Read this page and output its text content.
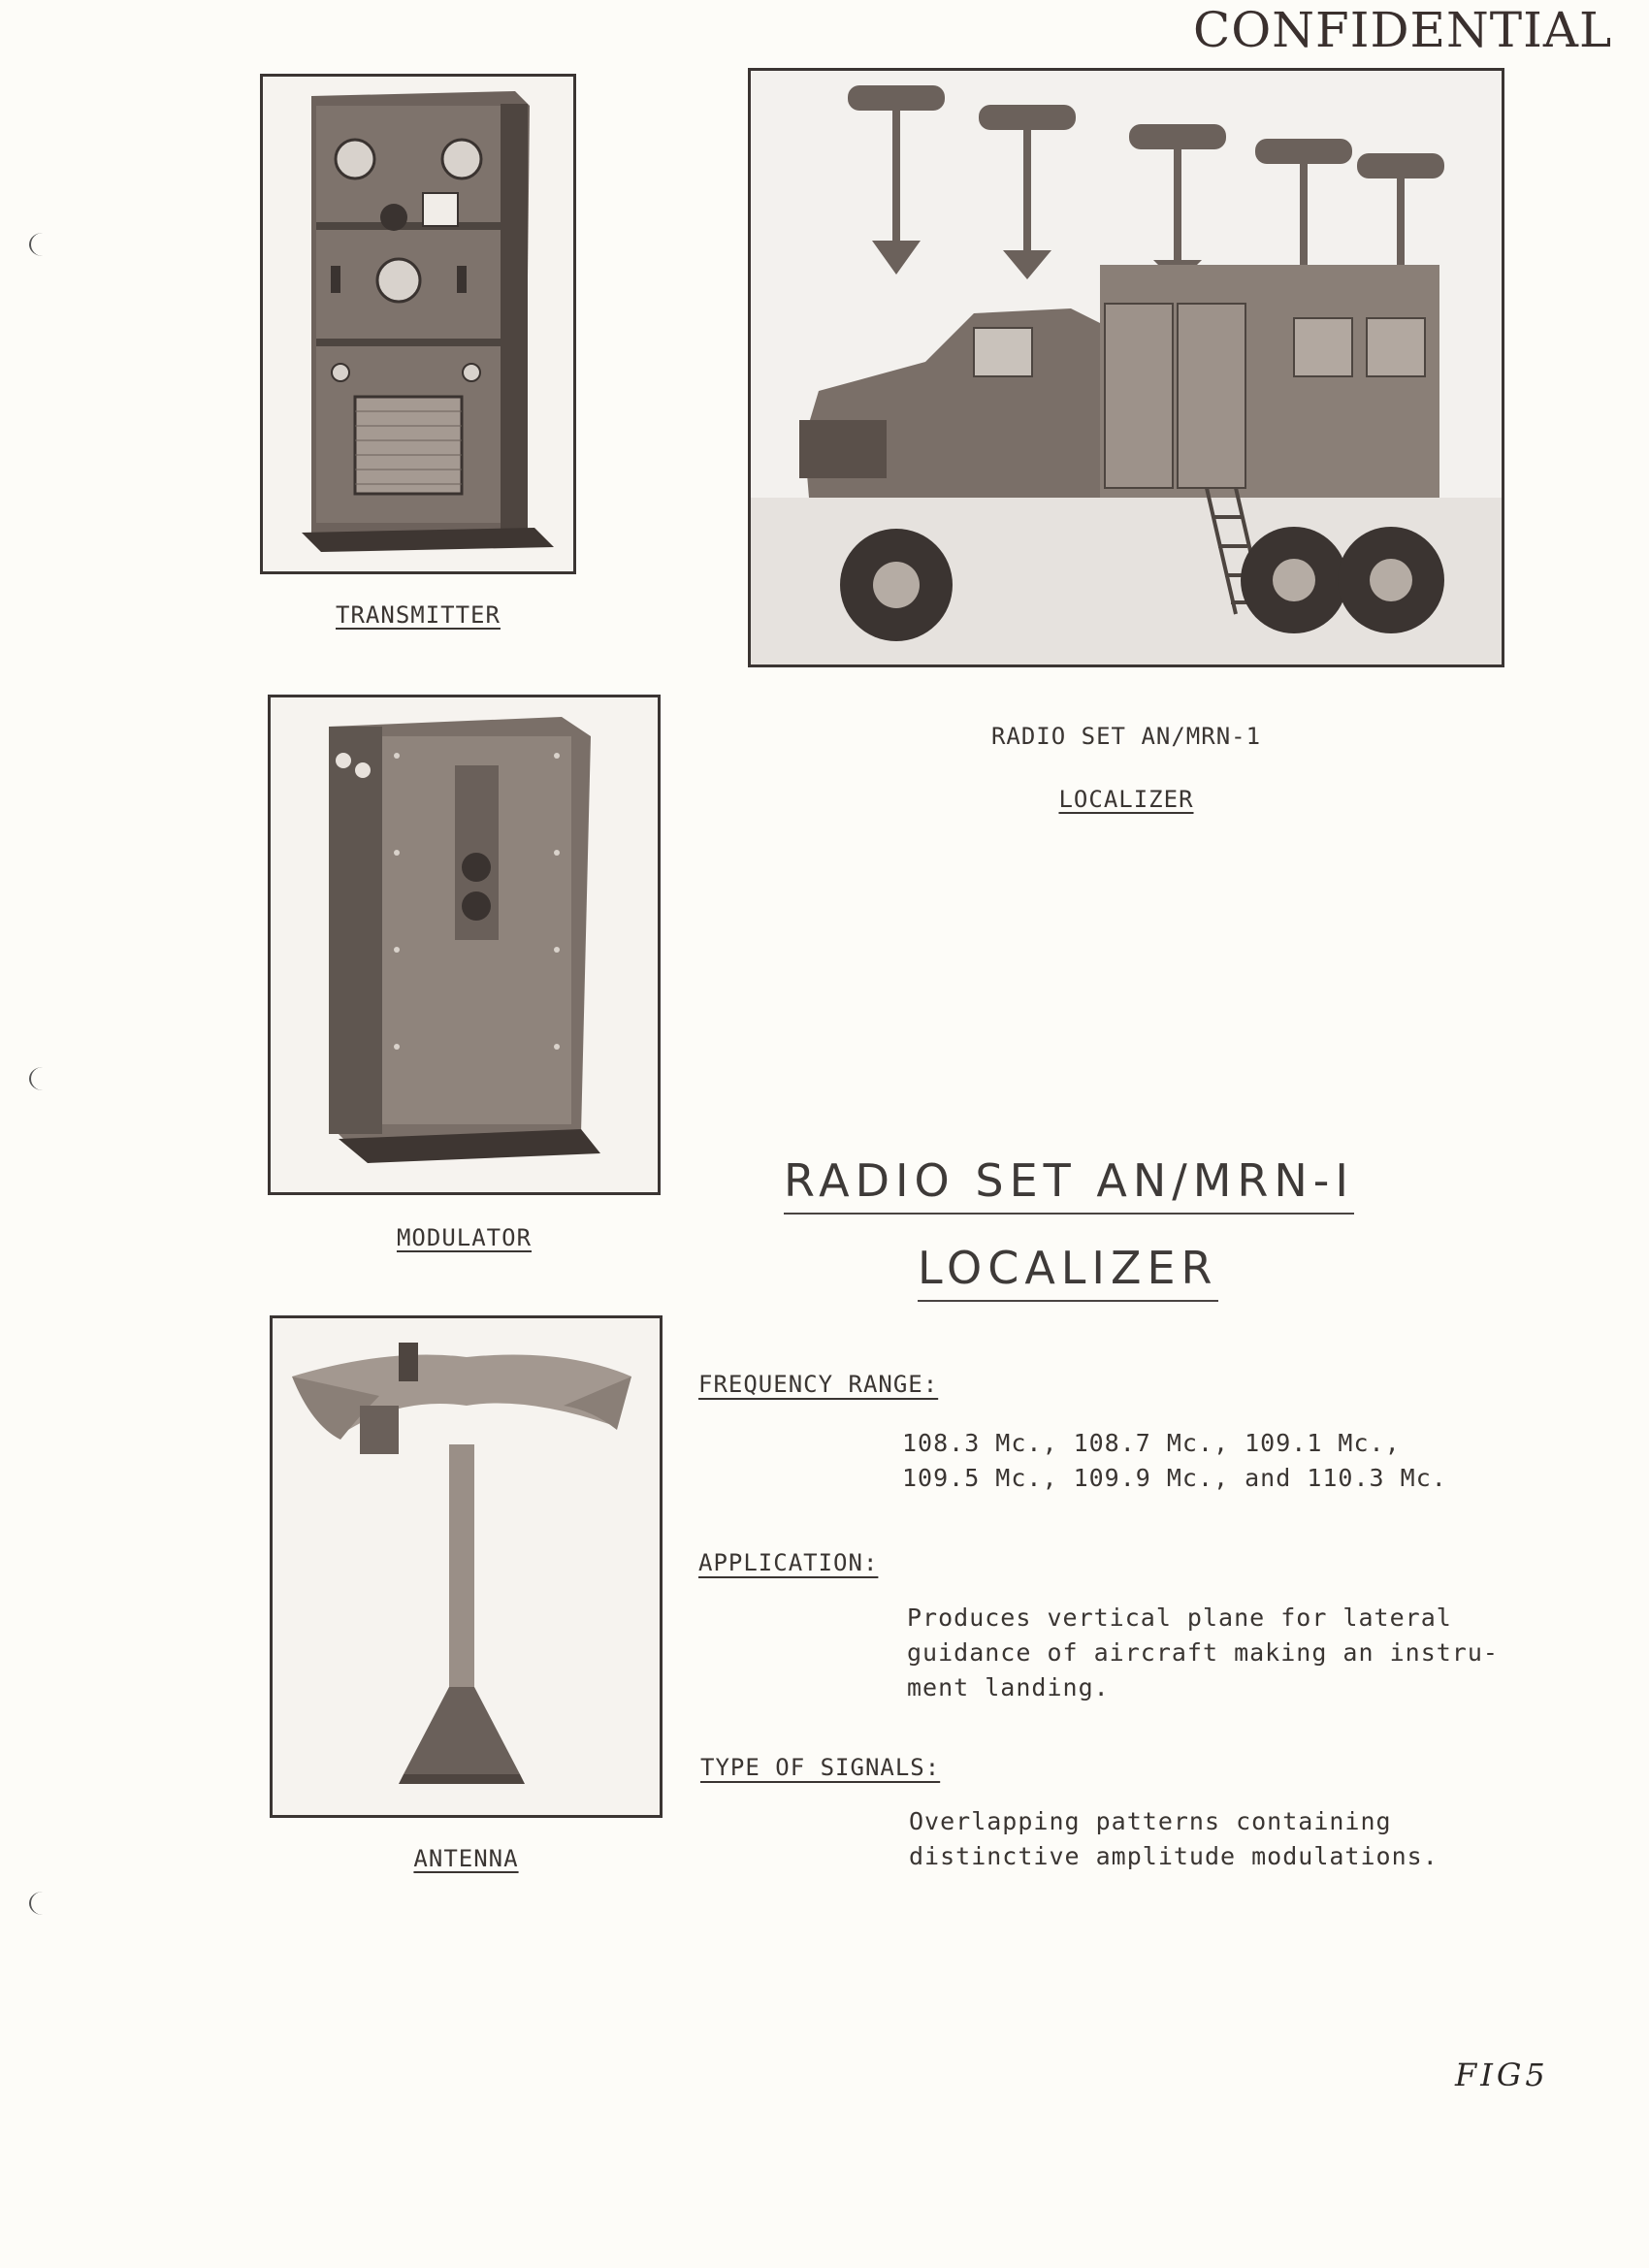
CONFIDENTIAL
TRANSMITTER
RADIO SET AN/MRN-1
LOCALIZER
MODULATOR
ANTENNA
RADIO SET AN/MRN-I
LOCALIZER
FREQUENCY RANGE:
108.3 Mc., 108.7 Mc., 109.1 Mc.,
109.5 Mc., 109.9 Mc., and 110.3 Mc.
APPLICATION:
Produces vertical plane for lateral
guidance of aircraft making an instru-
ment landing.
TYPE OF SIGNALS:
Overlapping patterns containing
distinctive amplitude modulations.
FIG5
